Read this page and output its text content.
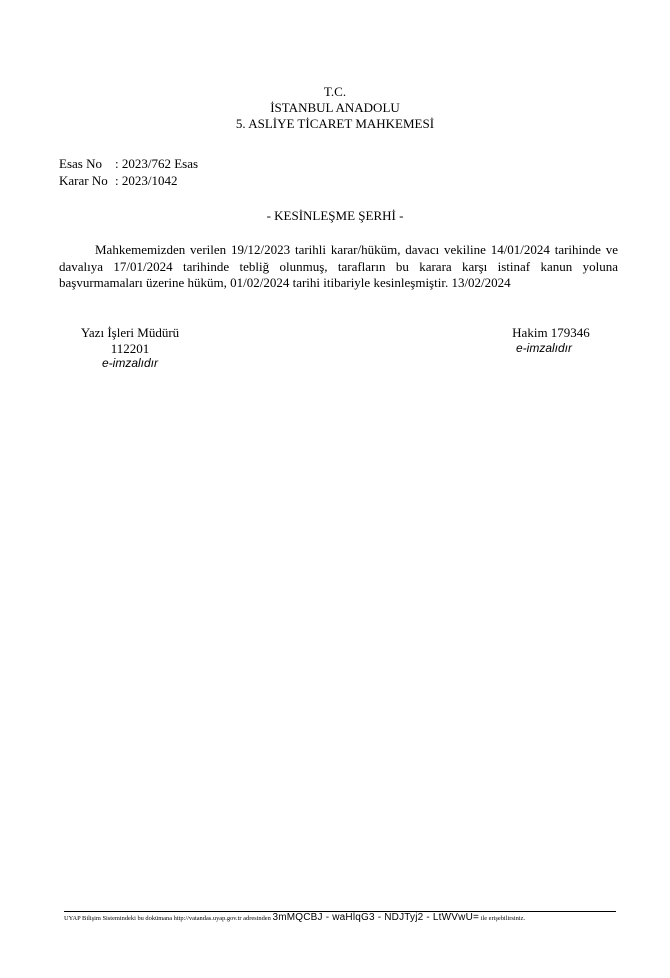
T.C.
İSTANBUL ANADOLU
5. ASLİYE TİCARET MAHKEMESİ
Esas No : 2023/762 Esas
Karar No : 2023/1042
- KESİNLEŞME ŞERHİ -
Mahkememizden verilen 19/12/2023 tarihli karar/hüküm, davacı vekiline 14/01/2024 tarihinde ve davalıya 17/01/2024 tarihinde tebliğ olunmuş, tarafların bu karara karşı istinaf kanun yoluna başvurmamaları üzerine hüküm, 01/02/2024 tarihi itibariyle kesinleşmiştir. 13/02/2024
Yazı İşleri Müdürü
112201
e-imzalıdır
Hakim 179346
e-imzalıdır
UYAP Bilişim Sistemindeki bu dokümana http://vatandas.uyap.gov.tr adresinden 3mMQCBJ - waHlqG3 - NDJTyj2 - LtWVwU= ile erişebilirsiniz.
